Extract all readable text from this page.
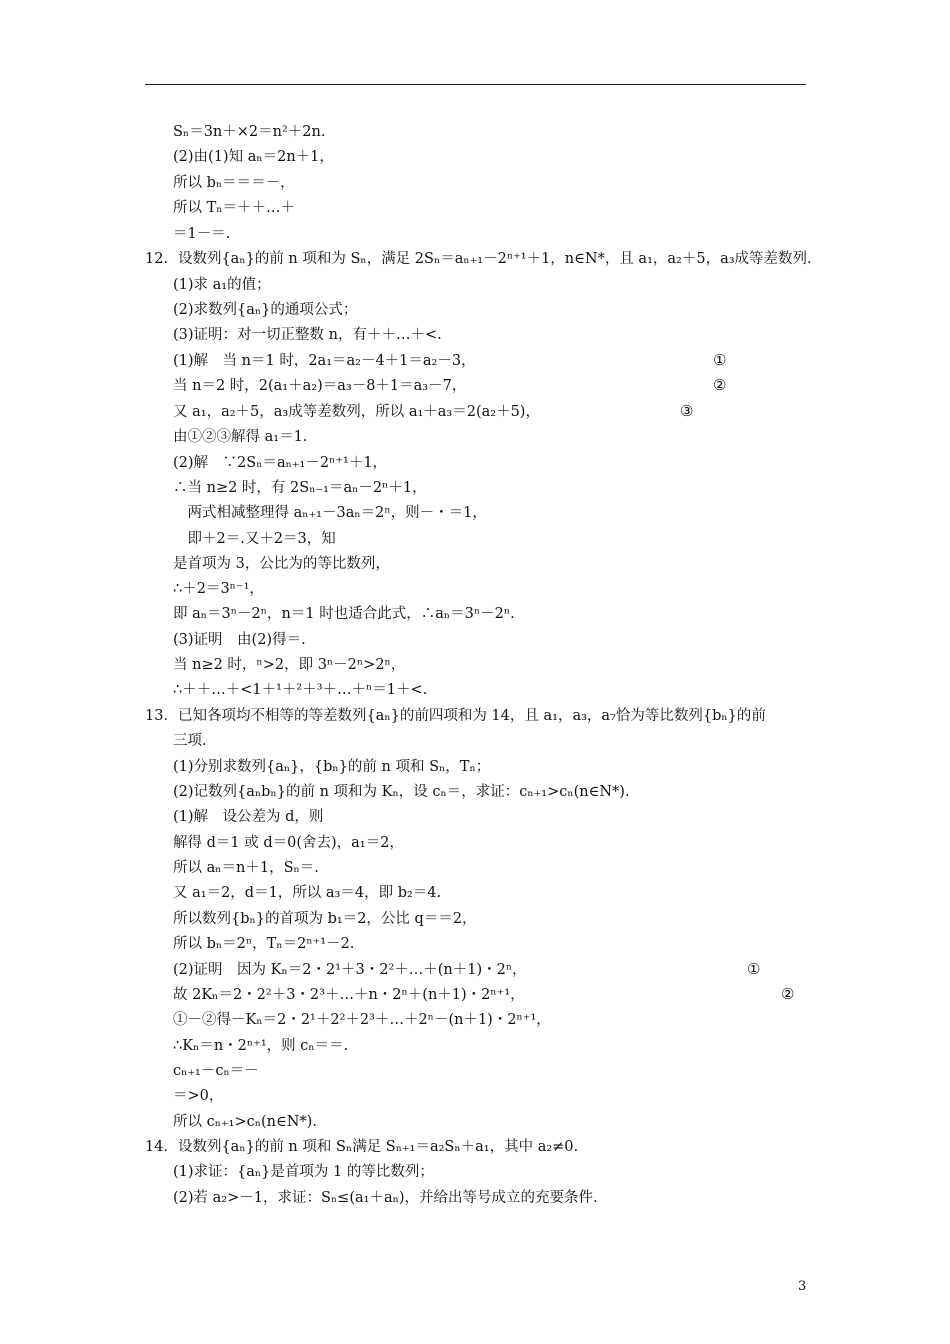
Sₙ＝3n＋×2＝n²＋2n.
(2)由(1)知 aₙ＝2n＋1，
所以 bₙ＝＝＝－，
所以 Tₙ＝＋＋…＋
＝1－＝.
12．设数列{aₙ}的前 n 项和为 Sₙ，满足 2Sₙ＝aₙ₊₁－2ⁿ⁺¹＋1，n∈N*，且 a₁，a₂＋5，a₃成等差数列.
(1)求 a₁的值；
(2)求数列{aₙ}的通项公式；
(3)证明：对一切正整数 n，有＋＋…＋<.
(1)解　当 n＝1 时，2a₁＝a₂－4＋1＝a₂－3，	①
当 n＝2 时，2(a₁＋a₂)＝a₃－8＋1＝a₃－7，	②
又 a₁，a₂＋5，a₃成等差数列，所以 a₁＋a₃＝2(a₂＋5)，	③
由①②③解得 a₁＝1.
(2)解　∵2Sₙ＝aₙ₊₁－2ⁿ⁺¹＋1，
∴当 n≥2 时，有 2Sₙ₋₁＝aₙ－2ⁿ＋1，
　两式相减整理得 aₙ₊₁－3aₙ＝2ⁿ，则－・＝1，
　即＋2＝.又＋2＝3，知
是首项为 3，公比为的等比数列，
∴＋2＝3ⁿ⁻¹，
即 aₙ＝3ⁿ－2ⁿ，n＝1 时也适合此式，∴aₙ＝3ⁿ－2ⁿ.
(3)证明　由(2)得＝.
当 n≥2 时，ⁿ>2，即 3ⁿ－2ⁿ>2ⁿ，
∴＋＋…＋<1＋¹＋²＋³＋…＋ⁿ＝1＋<.
13．已知各项均不相等的等差数列{aₙ}的前四项和为 14，且 a₁，a₃，a₇恰为等比数列{bₙ}的前
三项.
(1)分别求数列{aₙ}，{bₙ}的前 n 项和 Sₙ，Tₙ；
(2)记数列{aₙbₙ}的前 n 项和为 Kₙ，设 cₙ＝，求证：cₙ₊₁>cₙ(n∈N*).
(1)解　设公差为 d，则
解得 d＝1 或 d＝0(舍去)，a₁＝2，
所以 aₙ＝n＋1，Sₙ＝.
又 a₁＝2，d＝1，所以 a₃＝4，即 b₂＝4.
所以数列{bₙ}的首项为 b₁＝2，公比 q＝＝2，
所以 bₙ＝2ⁿ，Tₙ＝2ⁿ⁺¹－2.
(2)证明　因为 Kₙ＝2・2¹＋3・2²＋…＋(n＋1)・2ⁿ，	①
故 2Kₙ＝2・2²＋3・2³＋…＋n・2ⁿ＋(n＋1)・2ⁿ⁺¹，	②
①－②得－Kₙ＝2・2¹＋2²＋2³＋…＋2ⁿ－(n＋1)・2ⁿ⁺¹，
∴Kₙ＝n・2ⁿ⁺¹，则 cₙ＝＝.
cₙ₊₁－cₙ＝－
＝>0，
所以 cₙ₊₁>cₙ(n∈N*).
14．设数列{aₙ}的前 n 项和 Sₙ满足 Sₙ₊₁＝a₂Sₙ＋a₁，其中 a₂≠0.
(1)求证：{aₙ}是首项为 1 的等比数列；
(2)若 a₂>－1，求证：Sₙ≤(a₁＋aₙ)，并给出等号成立的充要条件.
3
